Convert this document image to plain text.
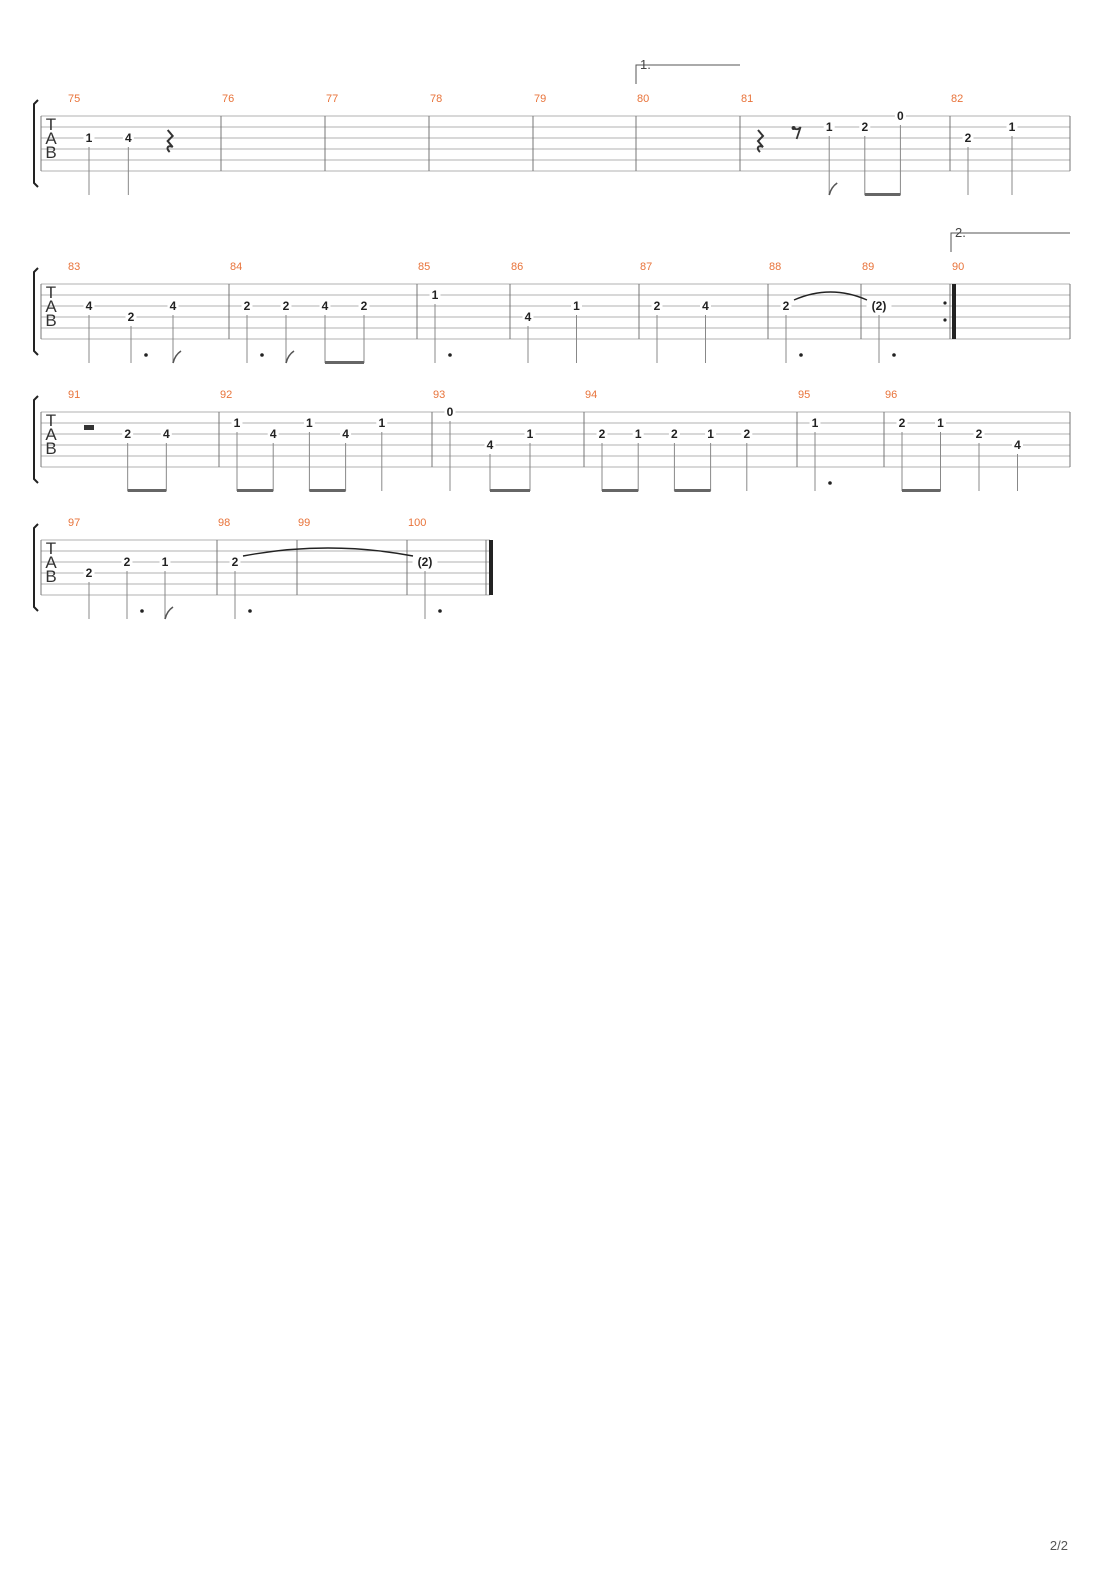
T
A
B
75
1	4
76	77	78	79	80	81
1 2
0
82
2
1
T
A
B
83
4
2
4
84
2	2	4	2
85
1
86
4
1
87
2	4
88
2
89
(2)
90
T
A
B
91
2	4
92
1
4
1
4
1
93
0
4
1
94
2 1 2 1 2
95
1
96
2	1
2
4
T
A
B
97
2
2	1
98
2
99	100
(2)
1.
2.
2/2
